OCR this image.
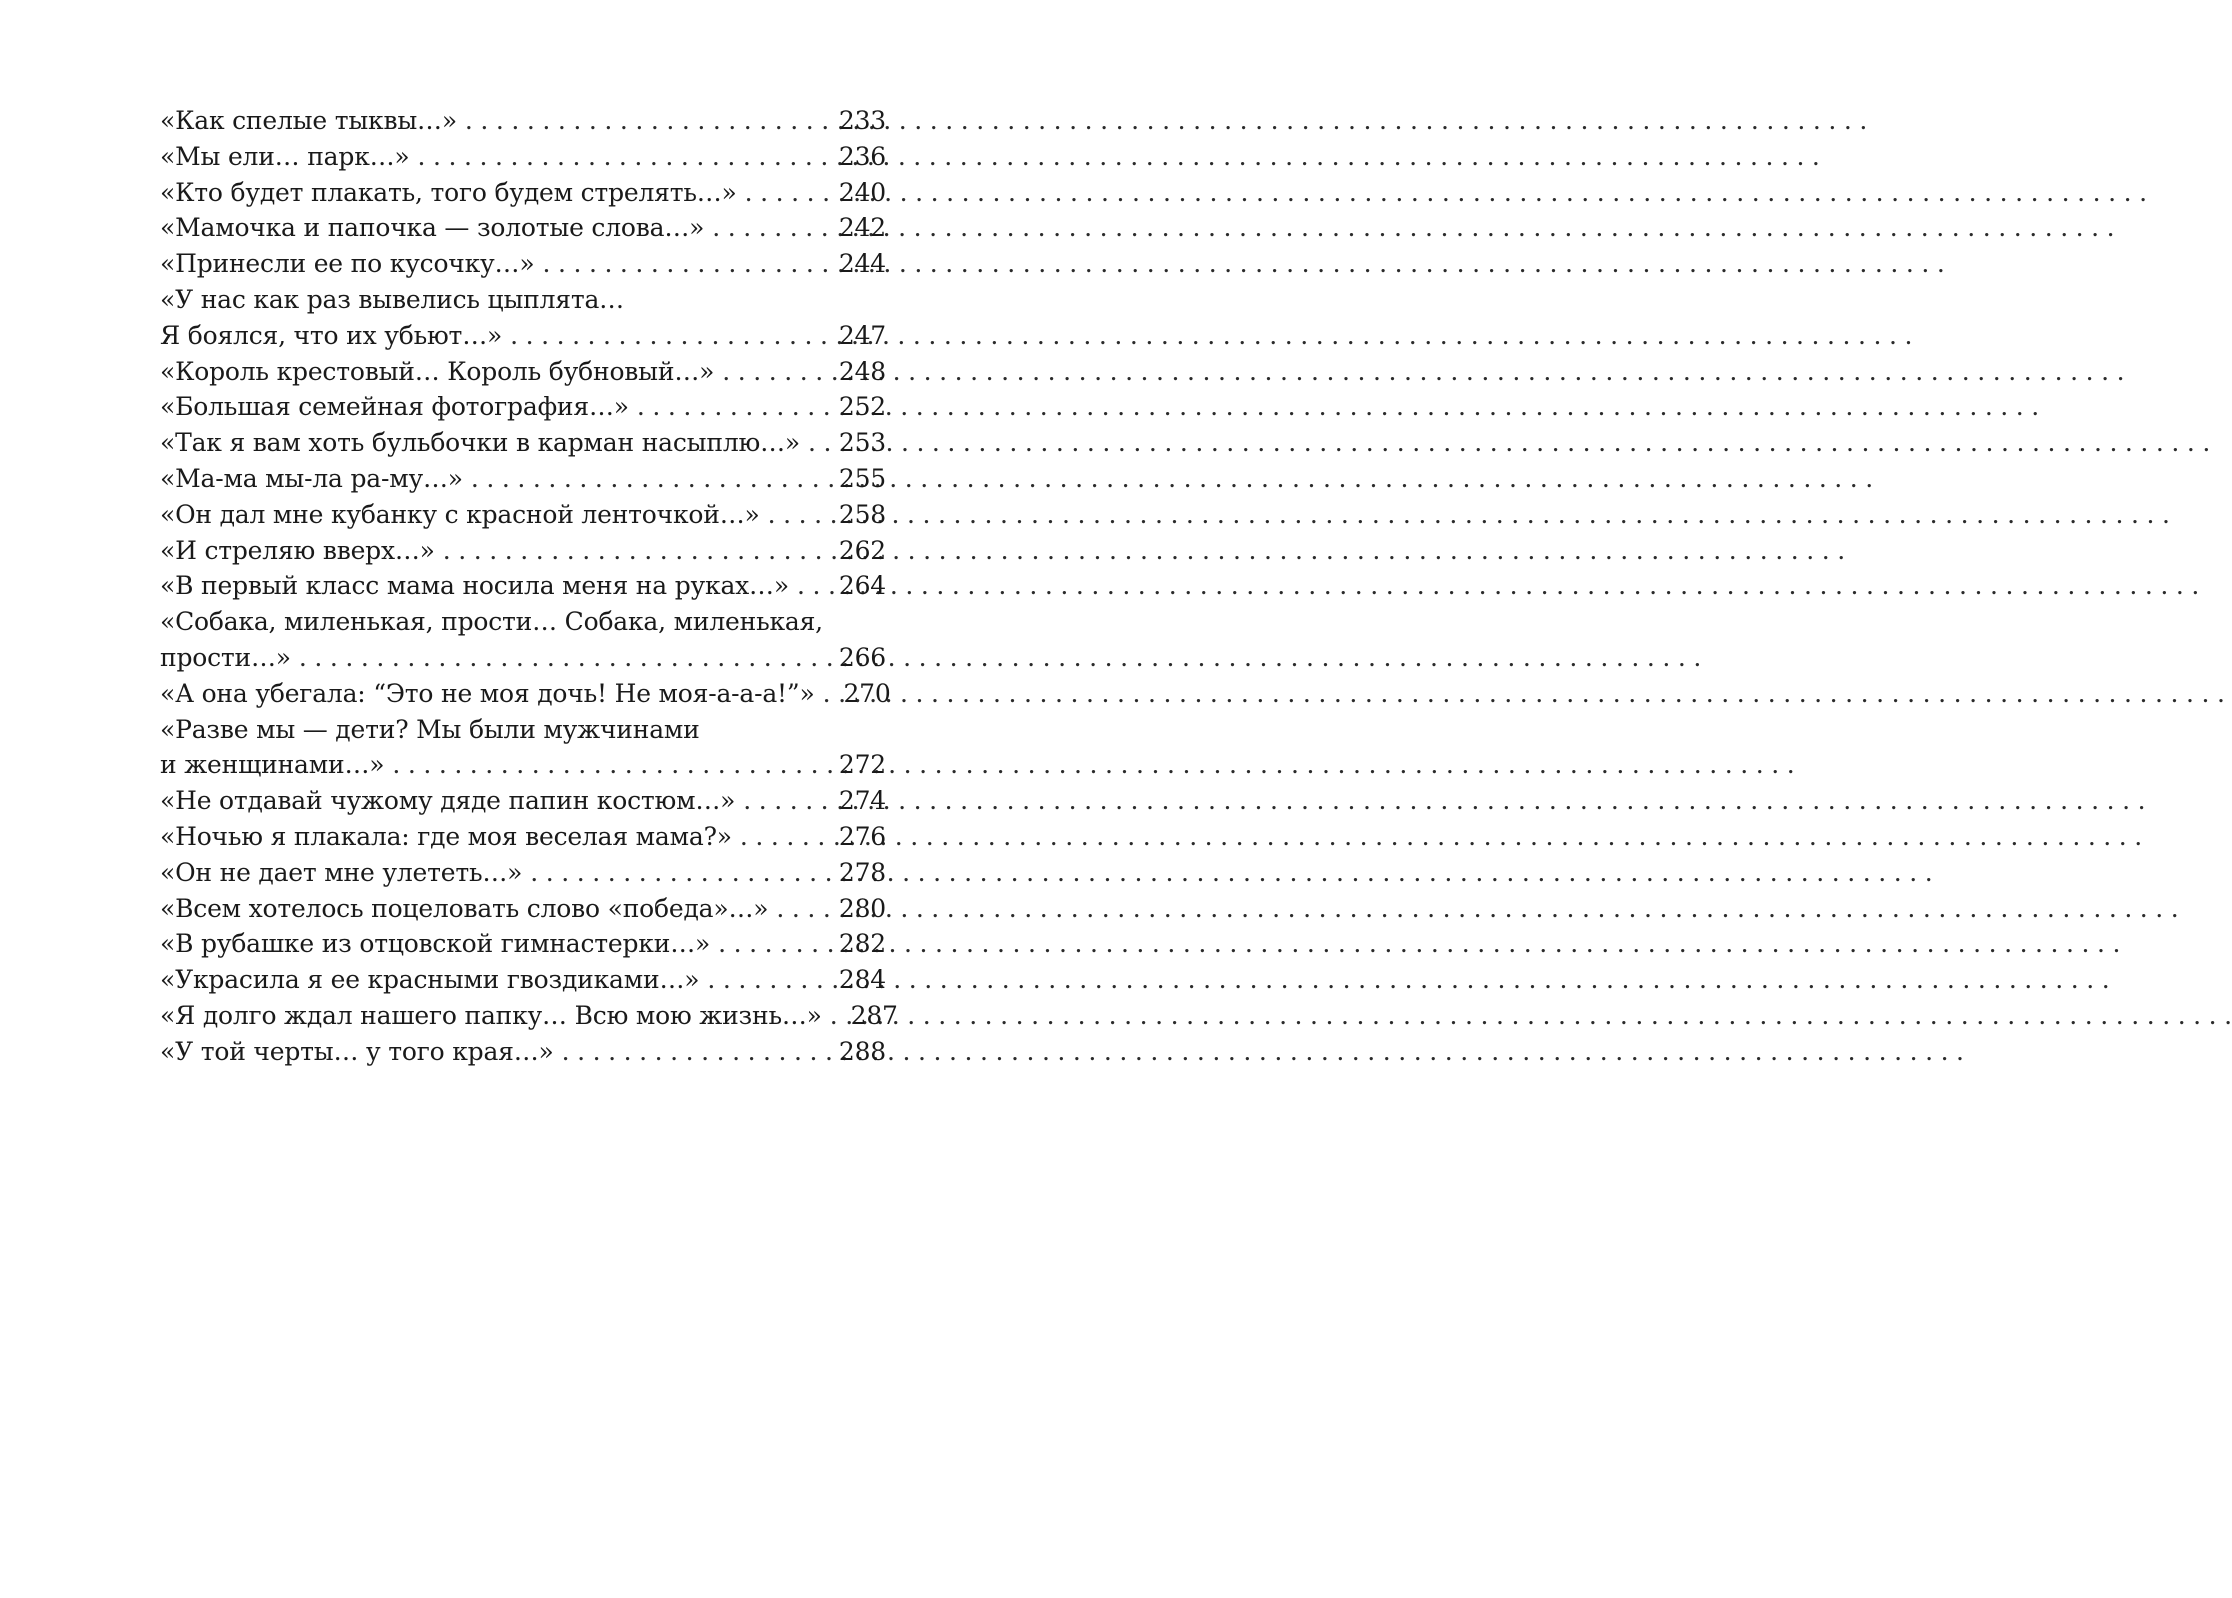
«Как спелые тыквы…» . . .	233
«Мы ели… парк…» . . .	236
«Кто будет плакать, того будем стрелять…» . . .	240
«Мамочка и папочка — золотые слова…» . . .	242
«Принесли ее по кусочку…» . . .	244
«У нас как раз вывелись цыплята…
Я боялся, что их убьют…» . . .	247
«Король крестовый… Король бубновый…» . . .	248
«Большая семейная фотография…» . . .	252
«Так я вам хоть бульбочки в карман насыплю…» . . . 253
«Ма-ма мы-ла ра-му…» . . .	255
«Он дал мне кубанку с красной ленточкой…» . . .	258
«И стреляю вверх…» . . .	262
«В первый класс мама носила меня на руках…» . . . 264
«Собака, миленькая, прости… Собака, миленькая,
прости…» . . .	266
«А она убегала: “Это не моя дочь! Не моя-а-а-а!”» . . . 270
«Разве мы — дети? Мы были мужчинами
и женщинами…» . . .	272
«Не отдавай чужому дяде папин костюм…» . . .	274
«Ночью я плакала: где моя веселая мама?» . . .	276
«Он не дает мне улететь…» . . .	278
«Всем хотелось поцеловать слово «победа»…» . . .	280
«В рубашке из отцовской гимнастерки…» . . .	282
«Украсила я ее красными гвоздиками…» . . .	284
«Я долго ждал нашего папку… Всю мою жизнь…» . . . 287
«У той черты… у того края…» . . .	288
